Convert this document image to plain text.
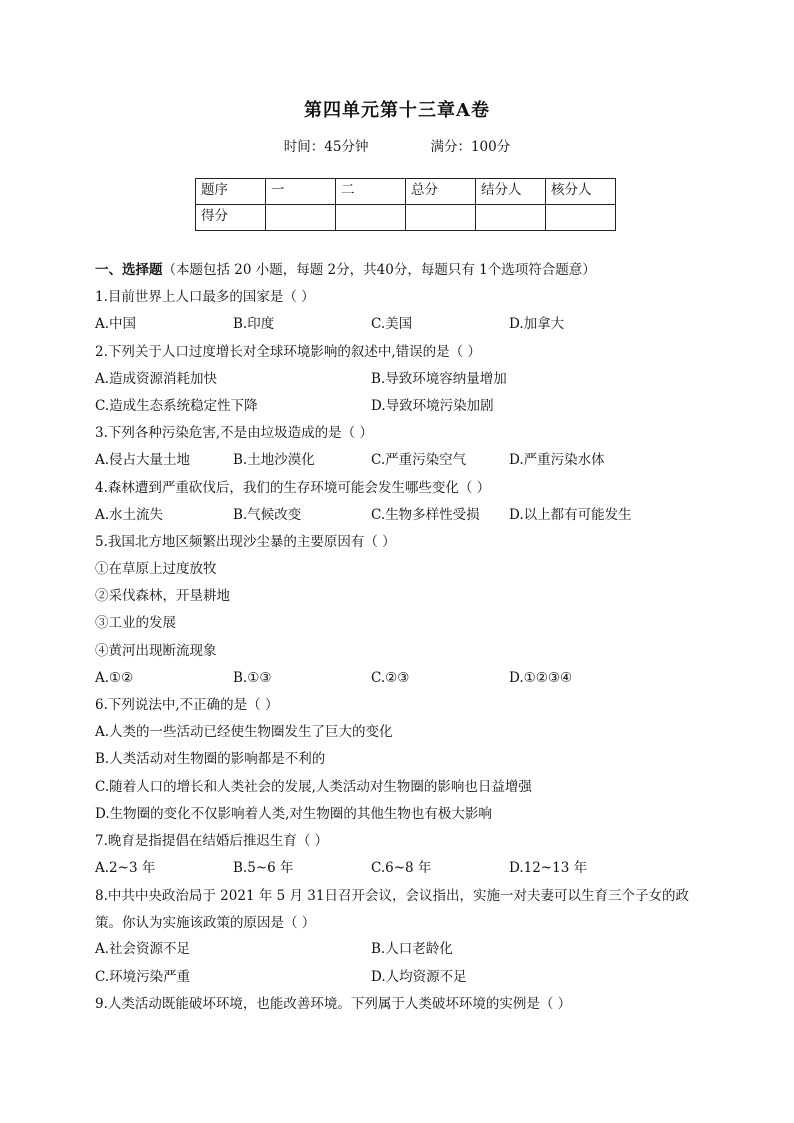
第四单元第十三章A卷
时间：45分钟	满分：100分
题序	一	二	总分	结分人	核分人
得分					
一、选择题（本题包括 20 小题，每题 2分，共40分，每题只有 1个选项符合题意）
1.目前世界上人口最多的国家是（ ）
A.中国	B.印度	C.美国	D.加拿大
2.下列关于人口过度增长对全球环境影响的叙述中,错误的是（ ）
A.造成资源消耗加快	B.导致环境容纳量增加
C.造成生态系统稳定性下降	D.导致环境污染加剧
3.下列各种污染危害,不是由垃圾造成的是（ ）
A.侵占大量土地	B.土地沙漠化	C.严重污染空气	D.严重污染水体
4.森林遭到严重砍伐后，我们的生存环境可能会发生哪些变化（ ）
A.水土流失	B.气候改变	C.生物多样性受损	D.以上都有可能发生
5.我国北方地区频繁出现沙尘暴的主要原因有（ ）
①在草原上过度放牧
②采伐森林，开垦耕地
③工业的发展
④黄河出现断流现象
A.①②	B.①③	C.②③	D.①②③④
6.下列说法中,不正确的是（ ）
A.人类的一些活动已经使生物圈发生了巨大的变化
B.人类活动对生物圈的影响都是不利的
C.随着人口的增长和人类社会的发展,人类活动对生物圈的影响也日益增强
D.生物圈的变化不仅影响着人类,对生物圈的其他生物也有极大影响
7.晚育是指提倡在结婚后推迟生育（ ）
A.2~3 年	B.5~6 年	C.6~8 年	D.12~13 年
8.中共中央政治局于 2021 年 5 月 31日召开会议，会议指出，实施一对夫妻可以生育三个子女的政策。你认为实施该政策的原因是（ ）
A.社会资源不足	B.人口老龄化
C.环境污染严重	D.人均资源不足
9.人类活动既能破坏环境，也能改善环境。下列属于人类破坏环境的实例是（ ）
